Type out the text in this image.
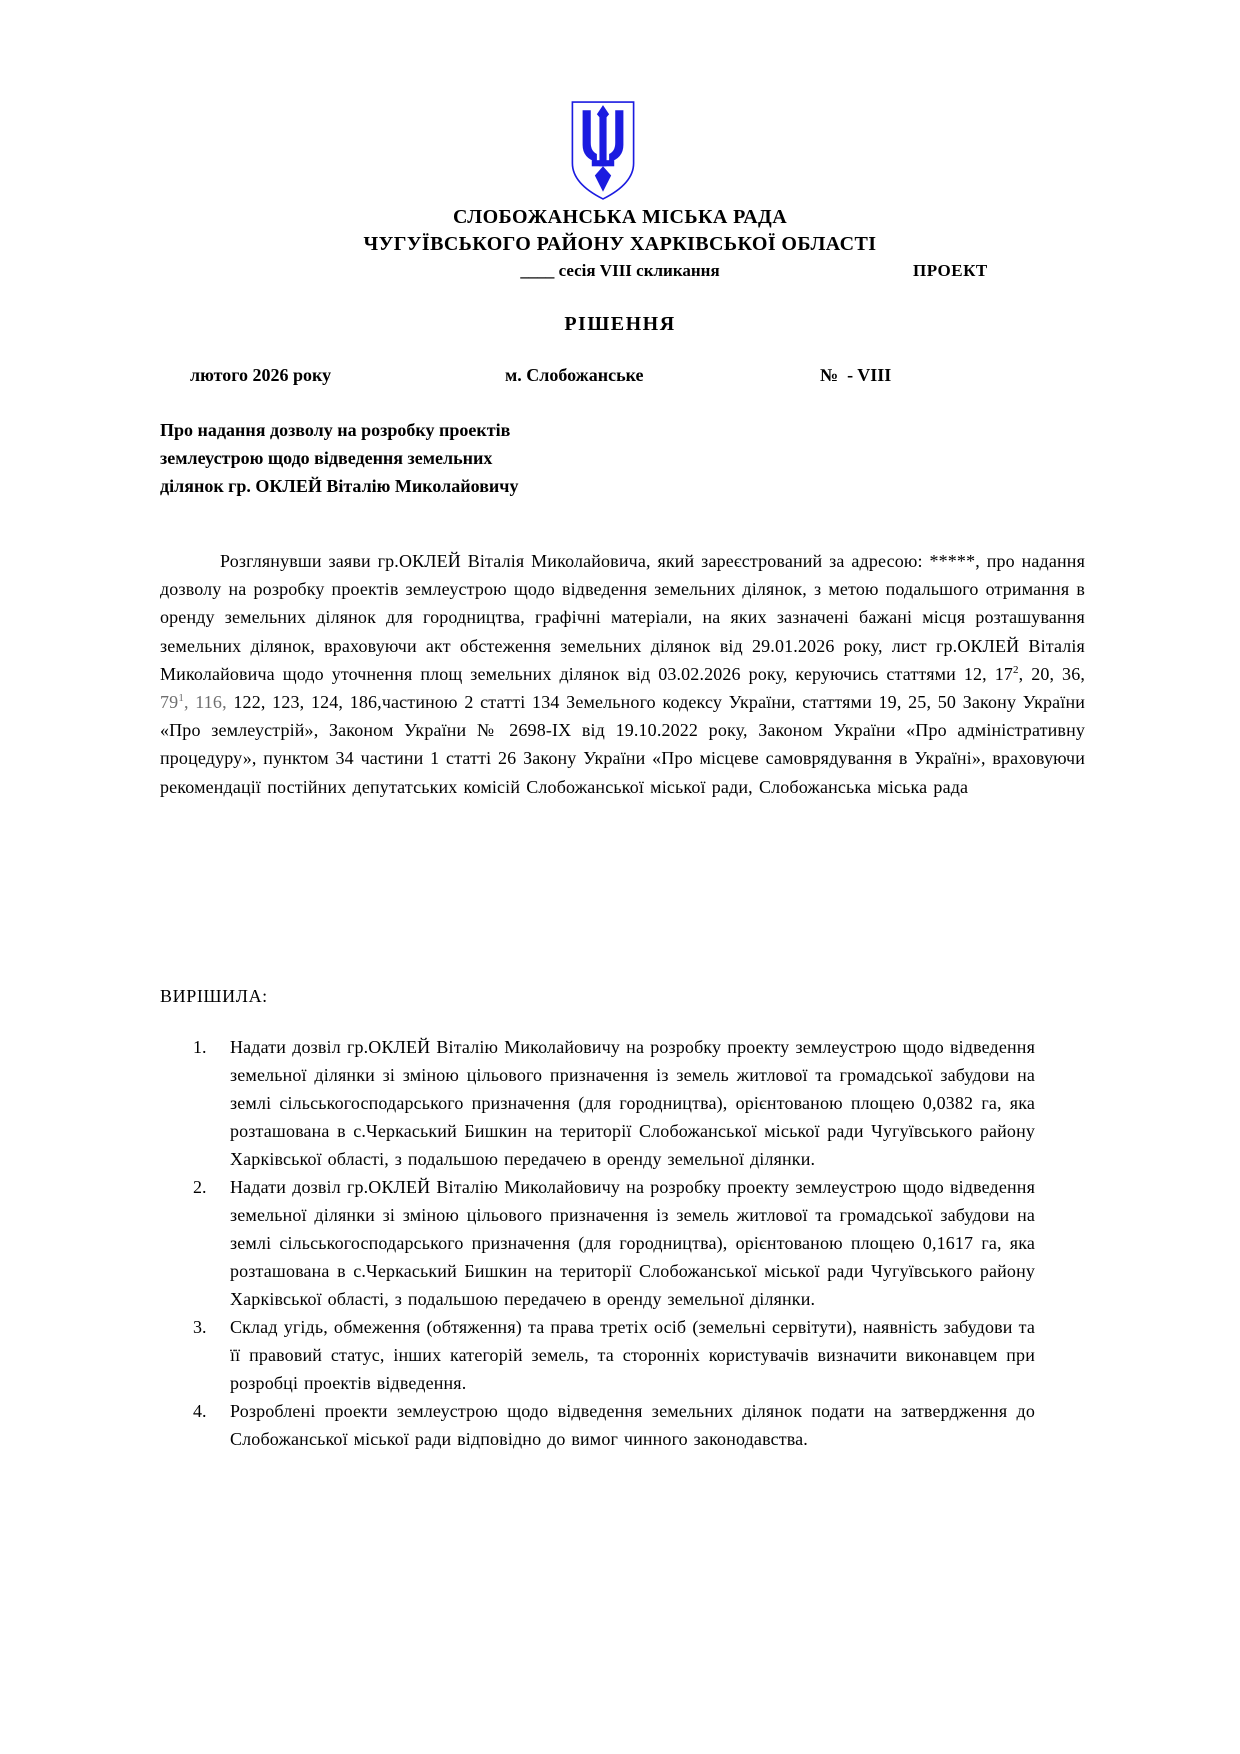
СЛОБОЖАНСЬКА МІСЬКА РАДА
ЧУГУЇВСЬКОГО РАЙОНУ ХАРКІВСЬКОЇ ОБЛАСТІ
____ сесія VIII скликання	ПРОЕКТ
РІШЕННЯ
лютого 2026 року	м. Слобожанське	№  - VIII
Про надання дозволу на розробку проектів
землеустрою щодо відведення земельних
ділянок гр. ОКЛЕЙ Віталію Миколайовичу

Розглянувши заяви гр.ОКЛЕЙ Віталія Миколайовича, який зареєстрований за адресою: *****, про надання дозволу на розробку проектів землеустрою щодо відведення земельних ділянок, з метою подальшого отримання в оренду земельних ділянок для городництва, графічні матеріали, на яких зазначені бажані місця розташування земельних ділянок, враховуючи акт обстеження земельних ділянок від 29.01.2026 року, лист гр.ОКЛЕЙ Віталія Миколайовича щодо уточнення площ земельних ділянок від 03.02.2026 року, керуючись статтями 12, $17^2$, 20, 36, $79^1$, 116, 122, 123, 124, 186,частиною 2 статті 134 Земельного кодексу України, статтями 19, 25, 50 Закону України «Про землеустрій», Законом України № 2698-ІХ від 19.10.2022 року, Законом України «Про адміністративну процедуру», пунктом 34 частини 1 статті 26 Закону України «Про місцеве самоврядування в Україні», враховуючи рекомендації постійних депутатських комісій Слобожанської міської ради, Слобожанська міська рада

ВИРІШИЛА:
1.	Надати дозвіл гр.ОКЛЕЙ Віталію Миколайовичу на розробку проекту землеустрою щодо відведення земельної ділянки зі зміною цільового призначення із земель житлової та громадської забудови на землі сільськогосподарського призначення (для городництва), орієнтованою площею 0,0382 га, яка розташована в с.Черкаський Бишкин на території Слобожанської міської ради Чугуївського району Харківської області, з подальшою передачею в оренду земельної ділянки.
2.	Надати дозвіл гр.ОКЛЕЙ Віталію Миколайовичу на розробку проекту землеустрою щодо відведення земельної ділянки зі зміною цільового призначення із земель житлової та громадської забудови на землі сільськогосподарського призначення (для городництва), орієнтованою площею 0,1617 га, яка розташована в с.Черкаський Бишкин на території Слобожанської міської ради Чугуївського району Харківської області, з подальшою передачею в оренду земельної ділянки.
3.	Склад угідь, обмеження (обтяження) та права третіх осіб (земельні сервітути), наявність забудови та її правовий статус, інших категорій земель, та сторонніх користувачів визначити виконавцем при розробці проектів відведення.
4.	Розроблені проекти землеустрою щодо відведення земельних ділянок подати на затвердження до Слобожанської міської ради відповідно до вимог чинного законодавства.
